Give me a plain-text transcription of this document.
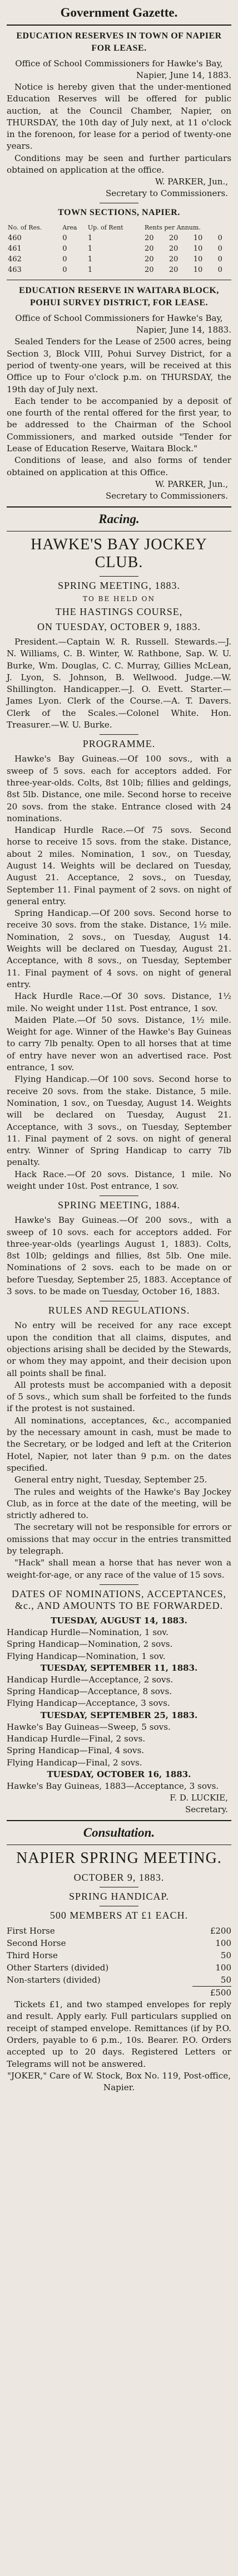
Government Gazette.
EDUCATION RESERVES IN TOWN OF NAPIER FOR LEASE.
Office of School Commissioners for Hawke's Bay,
Napier, June 14, 1883.

Notice is hereby given that the under-mentioned Education Reserves will be offered for public auction, at the Council Chamber, Napier, on THURSDAY, the 10th day of July next, at 11 o'clock in the forenoon, for lease for a period of twenty-one years.

Conditions may be seen and further particulars obtained on application at the office.

W. PARKER, Jun.,
Secretary to Commissioners.
TOWN SECTIONS, NAPIER.
No. of Res.	Area	Up. of Rent	Rents per Annum.			
460	0	1	20	20	10	0
461	0	1	20	20	10	0
462	0	1	20	20	10	0
463	0	1	20	20	10	0
EDUCATION RESERVE IN WAITARA BLOCK, POHUI SURVEY DISTRICT, FOR LEASE.
Office of School Commissioners for Hawke's Bay,
Napier, June 14, 1883.

Sealed Tenders for the Lease of 2500 acres, being Section 3, Block VIII, Pohui Survey District, for a period of twenty-one years, will be received at this Office up to Four o'clock p.m. on THURSDAY, the 19th day of July next.

Each tender to be accompanied by a deposit of one fourth of the rental offered for the first year, to be addressed to the Chairman of the School Commissioners, and marked outside "Tender for Lease of Education Reserve, Waitara Block."

Conditions of lease, and also forms of tender obtained on application at this Office.

W. PARKER, Jun.,
Secretary to Commissioners.
Racing.
HAWKE'S BAY JOCKEY CLUB.
SPRING MEETING, 1883.
TO BE HELD ON
THE HASTINGS COURSE,
ON TUESDAY, OCTOBER 9, 1883.

President.—Captain W. R. Russell. Stewards.—J. N. Williams, C. B. Winter, W. Rathbone, Sap. W. U. Burke, Wm. Douglas, C. C. Murray, Gillies McLean, J. Lyon, S. Johnson, B. Wellwood. Judge.—W. Shillington. Handicapper.—J. O. Evett. Starter.—James Lyon. Clerk of the Course.—A. T. Davers. Clerk of the Scales.—Colonel White. Hon. Treasurer.—W. U. Burke.

PROGRAMME.

Hawke's Bay Guineas.—Of 100 sovs., with a sweep of 5 sovs. each for acceptors added. For three-year-olds. Colts, 8st 10lb; fillies and geldings, 8st 5lb. Distance, one mile. Second horse to receive 20 sovs. from the stake. Entrance closed with 24 nominations.

Handicap Hurdle Race.—Of 75 sovs. Second horse to receive 15 sovs. from the stake. Distance, about 2 miles. Nomination, 1 sov., on Tuesday, August 14. Weights will be declared on Tuesday, August 21. Acceptance, 2 sovs., on Tuesday, September 11. Final payment of 2 sovs. on night of general entry.

Spring Handicap.—Of 200 sovs. Second horse to receive 30 sovs. from the stake. Distance, 1½ mile. Nomination, 2 sovs., on Tuesday, August 14. Weights will be declared on Tuesday, August 21. Acceptance, with 8 sovs., on Tuesday, September 11. Final payment of 4 sovs. on night of general entry.

Hack Hurdle Race.—Of 30 sovs. Distance, 1½ mile. No weight under 11st. Post entrance, 1 sov.

Maiden Plate.—Of 50 sovs. Distance, 1½ mile. Weight for age. Winner of the Hawke's Bay Guineas to carry 7lb penalty. Open to all horses that at time of entry have never won an advertised race. Post entrance, 1 sov.

Flying Handicap.—Of 100 sovs. Second horse to receive 20 sovs. from the stake. Distance, 5 mile. Nomination, 1 sov., on Tuesday, August 14. Weights will be declared on Tuesday, August 21. Acceptance, with 3 sovs., on Tuesday, September 11. Final payment of 2 sovs. on night of general entry. Winner of Spring Handicap to carry 7lb penalty.

Hack Race.—Of 20 sovs. Distance, 1 mile. No weight under 10st. Post entrance, 1 sov.

SPRING MEETING, 1884.

Hawke's Bay Guineas.—Of 200 sovs., with a sweep of 10 sovs. each for acceptors added. For three-year-olds (yearlings August 1, 1883). Colts, 8st 10lb; geldings and fillies, 8st 5lb. One mile. Nominations of 2 sovs. each to be made on or before Tuesday, September 25, 1883. Acceptance of 3 sovs. to be made on Tuesday, October 16, 1883.

RULES AND REGULATIONS.

No entry will be received for any race except upon the condition that all claims, disputes, and objections arising shall be decided by the Stewards, or whom they may appoint, and their decision upon all points shall be final.

All protests must be accompanied with a deposit of 5 sovs., which sum shall be forfeited to the funds if the protest is not sustained.

All nominations, acceptances, &c., accompanied by the necessary amount in cash, must be made to the Secretary, or be lodged and left at the Criterion Hotel, Napier, not later than 9 p.m. on the dates specified.

General entry night, Tuesday, September 25.

The rules and weights of the Hawke's Bay Jockey Club, as in force at the date of the meeting, will be strictly adhered to.

The secretary will not be responsible for errors or omissions that may occur in the entries transmitted by telegraph.

"Hack" shall mean a horse that has never won a weight-for-age, or any race of the value of 15 sovs.

DATES OF NOMINATIONS, ACCEPTANCES, &c., AND AMOUNTS TO BE FORWARDED.
TUESDAY, AUGUST 14, 1883.
Handicap Hurdle—Nomination, 1 sov.
Spring Handicap—Nomination, 2 sovs.
Flying Handicap—Nomination, 1 sov.
TUESDAY, SEPTEMBER 11, 1883.
Handicap Hurdle—Acceptance, 2 sovs.
Spring Handicap—Acceptance, 8 sovs.
Flying Handicap—Acceptance, 3 sovs.
TUESDAY, SEPTEMBER 25, 1883.
Hawke's Bay Guineas—Sweep, 5 sovs.
Handicap Hurdle—Final, 2 sovs.
Spring Handicap—Final, 4 sovs.
Flying Handicap—Final, 2 sovs.
TUESDAY, OCTOBER 16, 1883.
Hawke's Bay Guineas, 1883—Acceptance, 3 sovs.
F. D. LUCKIE,
Secretary.
Consultation.
NAPIER SPRING MEETING.
OCTOBER 9, 1883.
SPRING HANDICAP.
500 MEMBERS AT £1 EACH.
First Horse	£200
Second Horse	100
Third Horse	50
Other Starters (divided)	100
Non-starters (divided)	50
	£500

Tickets £1, and two stamped envelopes for reply and result. Apply early. Full particulars supplied on receipt of stamped envelope. Remittances (if by P.O. Orders, payable to 6 p.m., 10s. Bearer. P.O. Orders accepted up to 20 days. Registered Letters or Telegrams will not be answered.

"JOKER," Care of W. Stock, Box No. 119, Post-office, Napier.
